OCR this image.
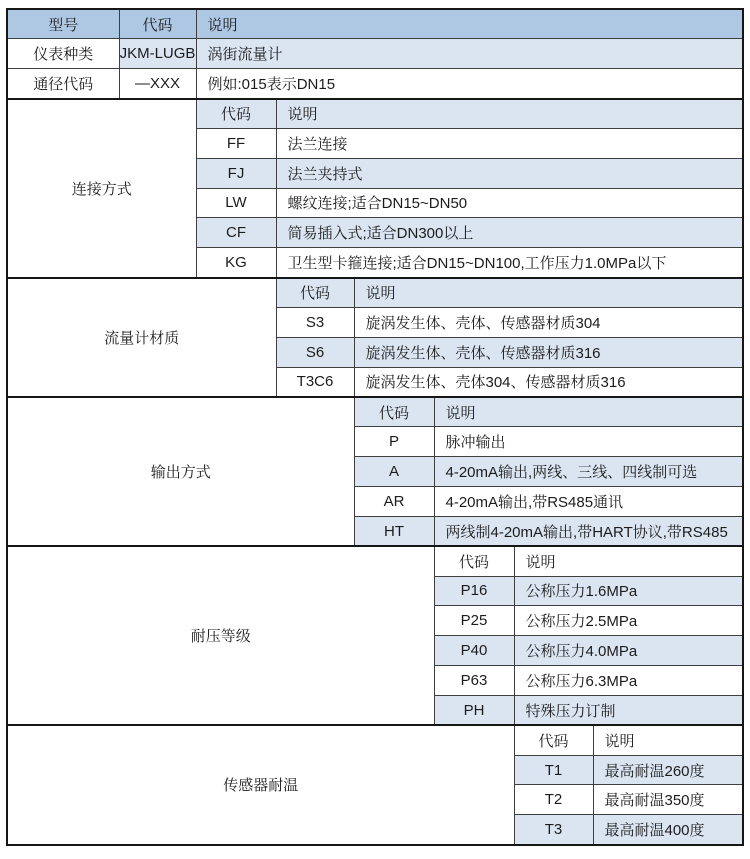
型号	代码	说明					
仪表种类	JKM-LUGB	涡街流量计					
通径代码	—XXX	例如:015表示DN15					
连接方式		代码	说明				
		FF	法兰连接				
		FJ	法兰夹持式				
		LW	螺纹连接;适合DN15~DN50				
		CF	简易插入式;适合DN300以上				
		KG	卫生型卡箍连接;适合DN15~DN100,工作压力1.0MPa以下				
流量计材质			代码	说明			
			S3	旋涡发生体、壳体、传感器材质304			
			S6	旋涡发生体、壳体、传感器材质316			
			T3C6	旋涡发生体、壳体304、传感器材质316			
输出方式				代码	说明		
				P	脉冲输出		
				A	4-20mA输出,两线、三线、四线制可选		
				AR	4-20mA输出,带RS485通讯		
				HT	两线制4-20mA输出,带HART协议,带RS485		
耐压等级					代码	说明	
					P16	公称压力1.6MPa	
					P25	公称压力2.5MPa	
					P40	公称压力4.0MPa	
					P63	公称压力6.3MPa	
					PH	特殊压力订制	
传感器耐温						代码	说明
						T1	最高耐温260度
						T2	最高耐温350度
						T3	最高耐温400度
